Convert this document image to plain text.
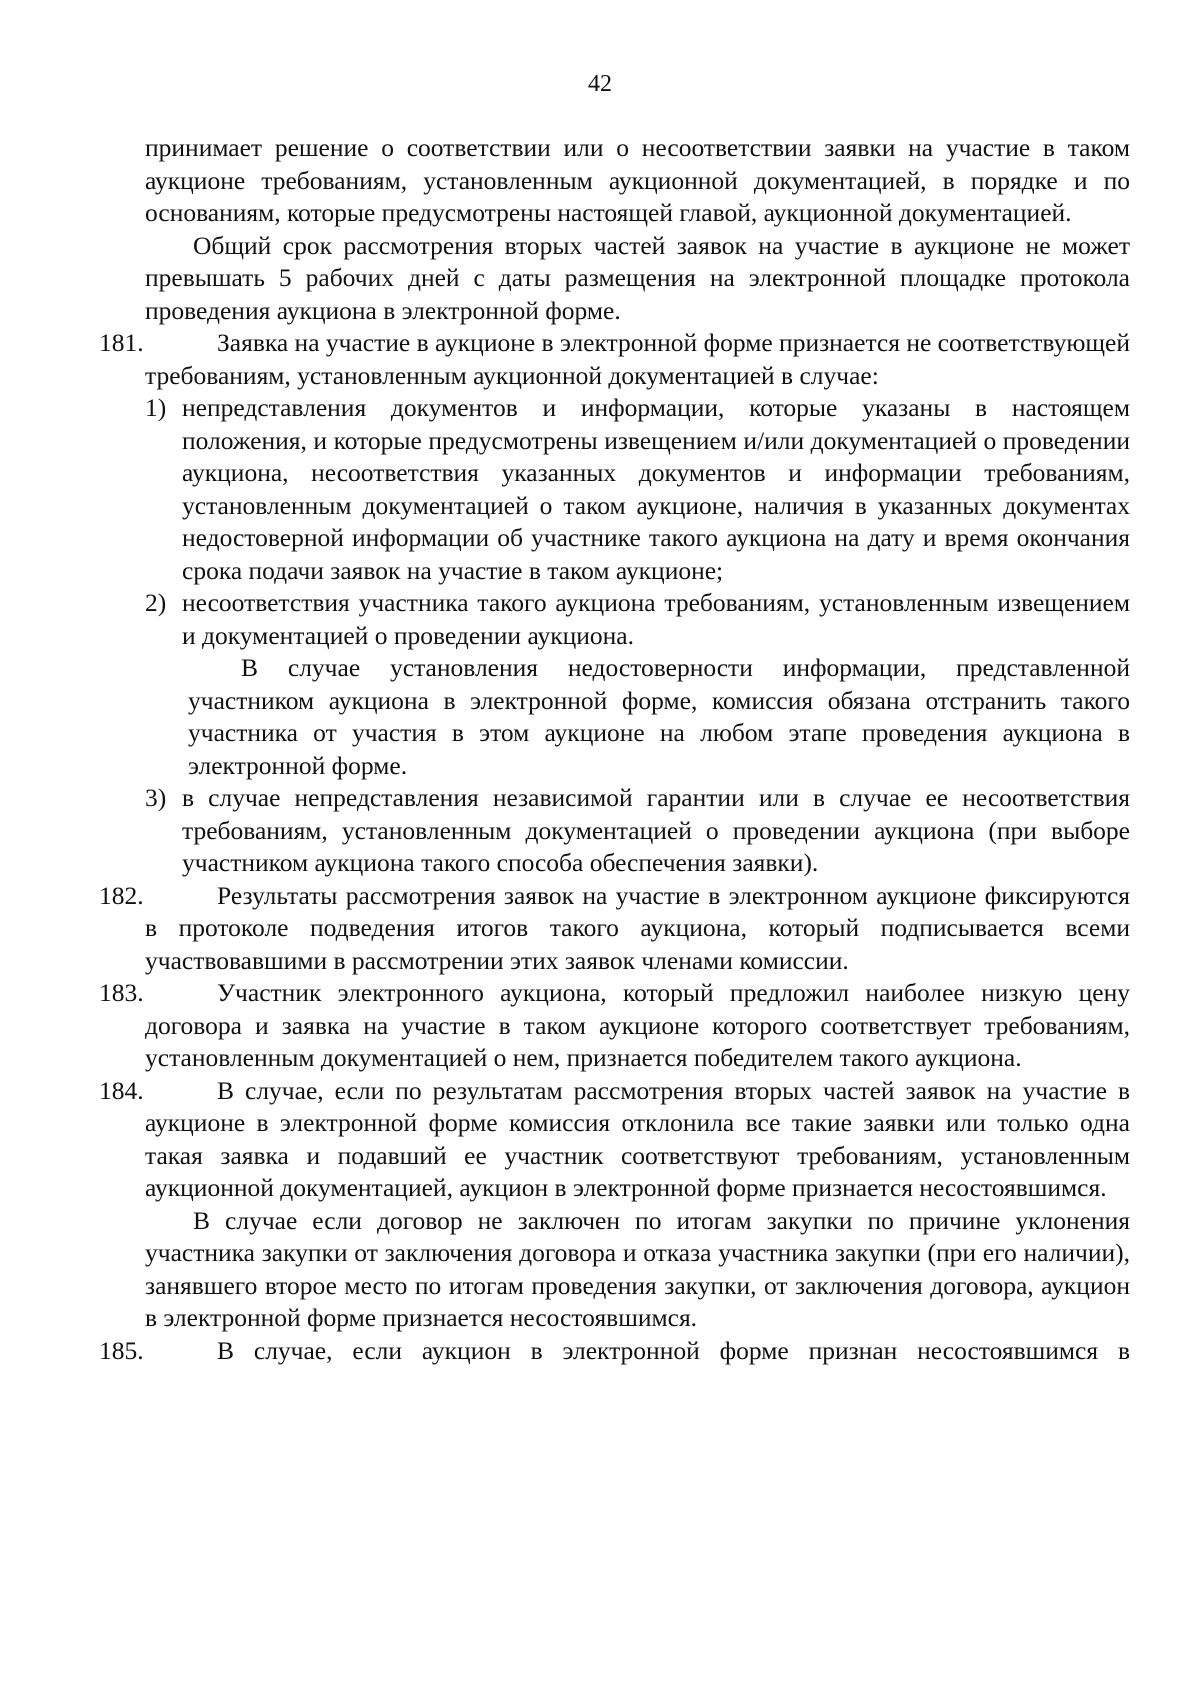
42

принимает решение о соответствии или о несоответствии заявки на участие в таком аукционе требованиям, установленным аукционной документацией, в порядке и по основаниям, которые предусмотрены настоящей главой, аукционной документацией.

Общий срок рассмотрения вторых частей заявок на участие в аукционе не может превышать 5 рабочих дней с даты размещения на электронной площадке протокола проведения аукциона в электронной форме.

181.	Заявка на участие в аукционе в электронной форме признается не соответствующей требованиям, установленным аукционной документацией в случае:

1) непредставления документов и информации, которые указаны в настоящем положения, и которые предусмотрены извещением и/или документацией о проведении аукциона, несоответствия указанных документов и информации требованиям, установленным документацией о таком аукционе, наличия в указанных документах недостоверной информации об участнике такого аукциона на дату и время окончания срока подачи заявок на участие в таком аукционе;

2) несоответствия участника такого аукциона требованиям, установленным извещением и документацией о проведении аукциона.

В случае установления недостоверности информации, представленной участником аукциона в электронной форме, комиссия обязана отстранить такого участника от участия в этом аукционе на любом этапе проведения аукциона в электронной форме.

3) в случае непредставления независимой гарантии или в случае ее несоответствия требованиям, установленным документацией о проведении аукциона (при выборе участником аукциона такого способа обеспечения заявки).

182.	Результаты рассмотрения заявок на участие в электронном аукционе фиксируются в протоколе подведения итогов такого аукциона, который подписывается всеми участвовавшими в рассмотрении этих заявок членами комиссии.

183.	Участник электронного аукциона, который предложил наиболее низкую цену договора и заявка на участие в таком аукционе которого соответствует требованиям, установленным документацией о нем, признается победителем такого аукциона.

184.	В случае, если по результатам рассмотрения вторых частей заявок на участие в аукционе в электронной форме комиссия отклонила все такие заявки или только одна такая заявка и подавший ее участник соответствуют требованиям, установленным аукционной документацией, аукцион в электронной форме признается несостоявшимся.

В случае если договор не заключен по итогам закупки по причине уклонения участника закупки от заключения договора и отказа участника закупки (при его наличии), занявшего второе место по итогам проведения закупки, от заключения договора, аукцион в электронной форме признается несостоявшимся.

185.	В случае, если аукцион в электронной форме признан несостоявшимся в
